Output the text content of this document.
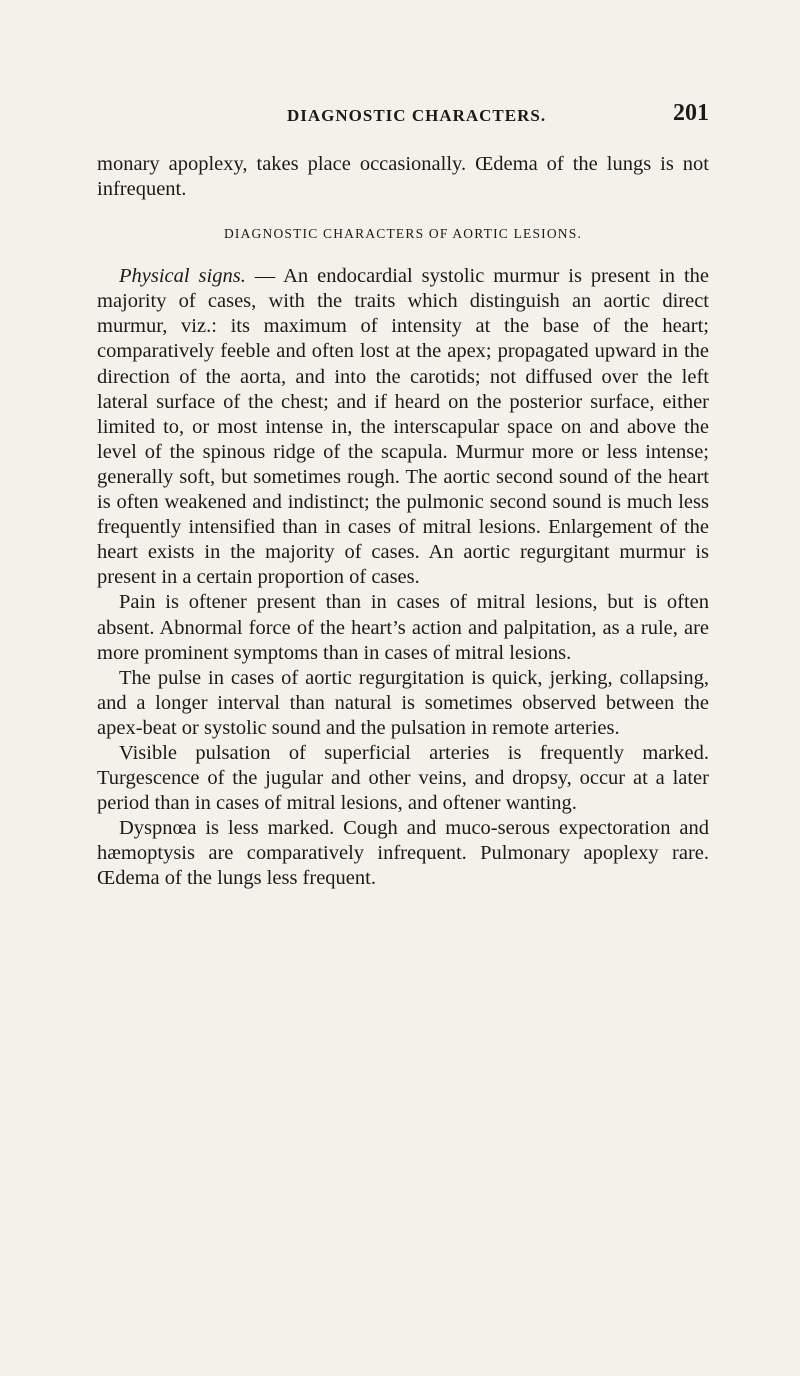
DIAGNOSTIC CHARACTERS.	201

monary apoplexy, takes place occasionally. Œdema of the lungs is not infrequent.

DIAGNOSTIC CHARACTERS OF AORTIC LESIONS.

Physical signs. — An endocardial systolic murmur is present in the majority of cases, with the traits which distinguish an aortic direct murmur, viz.: its maximum of intensity at the base of the heart; comparatively feeble and often lost at the apex; propagated upward in the direction of the aorta, and into the carotids; not diffused over the left lateral surface of the chest; and if heard on the posterior surface, either limited to, or most intense in, the interscapular space on and above the level of the spinous ridge of the scapula. Murmur more or less intense; generally soft, but sometimes rough. The aortic second sound of the heart is often weakened and indistinct; the pulmonic second sound is much less frequently intensified than in cases of mitral lesions. Enlargement of the heart exists in the majority of cases. An aortic regurgitant murmur is present in a certain proportion of cases.

Pain is oftener present than in cases of mitral lesions, but is often absent. Abnormal force of the heart’s action and palpitation, as a rule, are more prominent symptoms than in cases of mitral lesions.

The pulse in cases of aortic regurgitation is quick, jerking, collapsing, and a longer interval than natural is sometimes observed between the apex-beat or systolic sound and the pulsation in remote arteries.

Visible pulsation of superficial arteries is frequently marked. Turgescence of the jugular and other veins, and dropsy, occur at a later period than in cases of mitral lesions, and oftener wanting.

Dyspnœa is less marked. Cough and muco-serous expectoration and hæmoptysis are comparatively infrequent. Pulmonary apoplexy rare. Œdema of the lungs less frequent.
